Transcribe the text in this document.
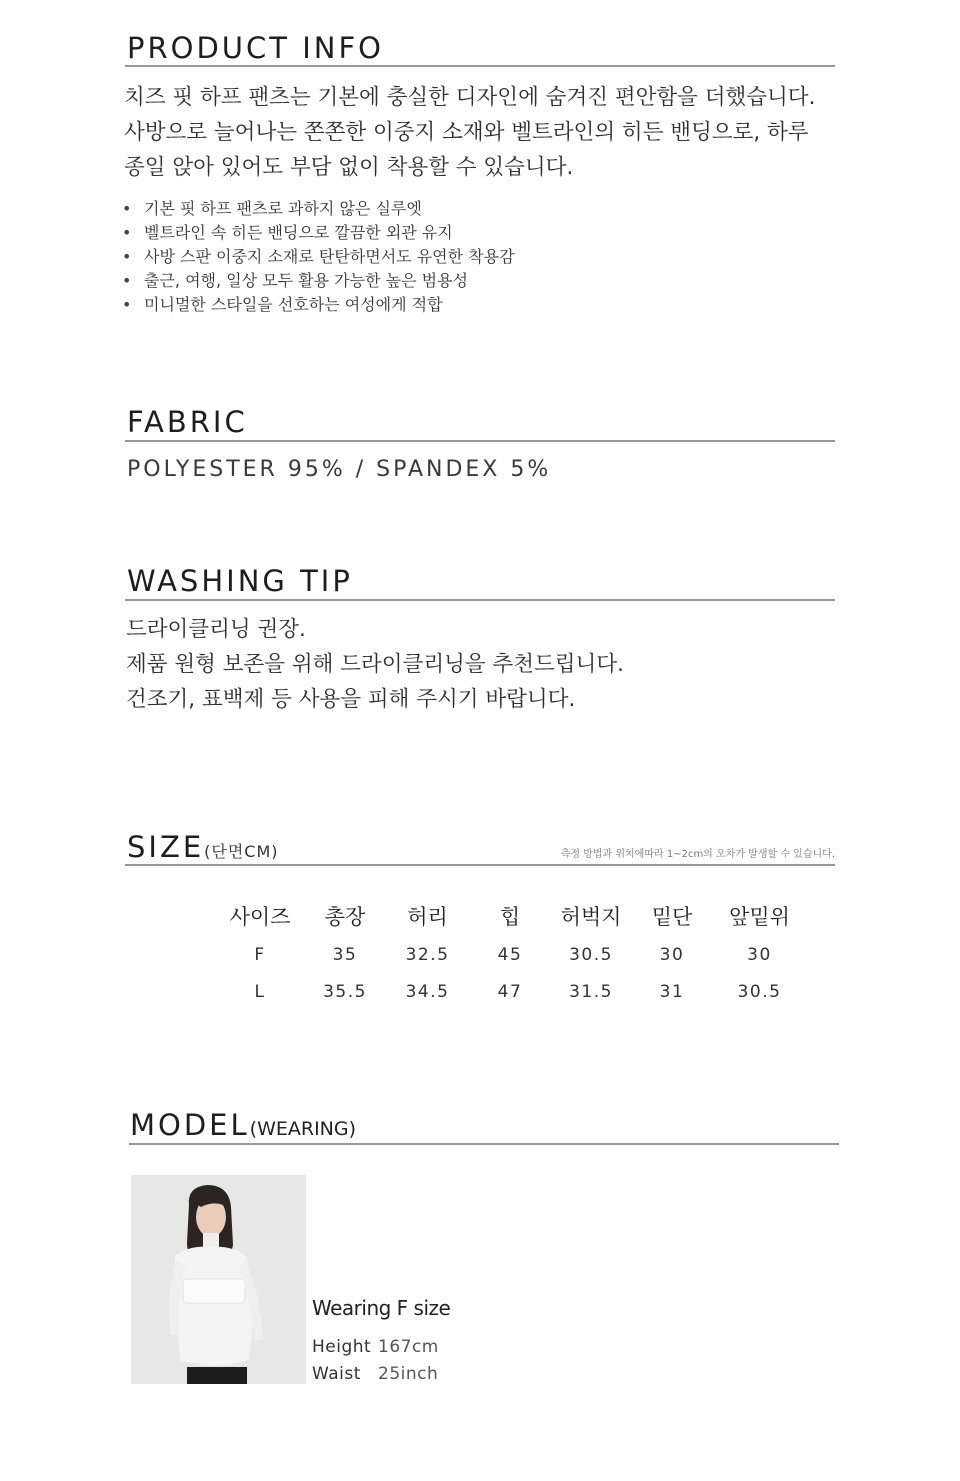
PRODUCT INFO
치즈 핏 하프 팬츠는 기본에 충실한 디자인에 숨겨진 편안함을 더했습니다.
사방으로 늘어나는 쫀쫀한 이중지 소재와 벨트라인의 히든 밴딩으로, 하루
종일 앉아 있어도 부담 없이 착용할 수 있습니다.
• 기본 핏 하프 팬츠로 과하지 않은 실루엣
• 벨트라인 속 히든 밴딩으로 깔끔한 외관 유지
• 사방 스판 이중지 소재로 탄탄하면서도 유연한 착용감
• 출근, 여행, 일상 모두 활용 가능한 높은 범용성
• 미니멀한 스타일을 선호하는 여성에게 적합
FABRIC
POLYESTER 95% / SPANDEX 5%
WASHING TIP
드라이클리닝 권장.
제품 원형 보존을 위해 드라이클리닝을 추천드립니다.
건조기, 표백제 등 사용을 피해 주시기 바랍니다.
SIZE(단면CM)	측정 방법과 위치에따라 1~2cm의 오차가 발생할 수 있습니다.
사이즈	총장	허리	힙	허벅지	밑단	앞밑위
F	35	32.5	45	30.5	30	30
L	35.5	34.5	47	31.5	31	30.5
MODEL(WEARING)
Wearing F size
Height 167cm
Waist 25inch
